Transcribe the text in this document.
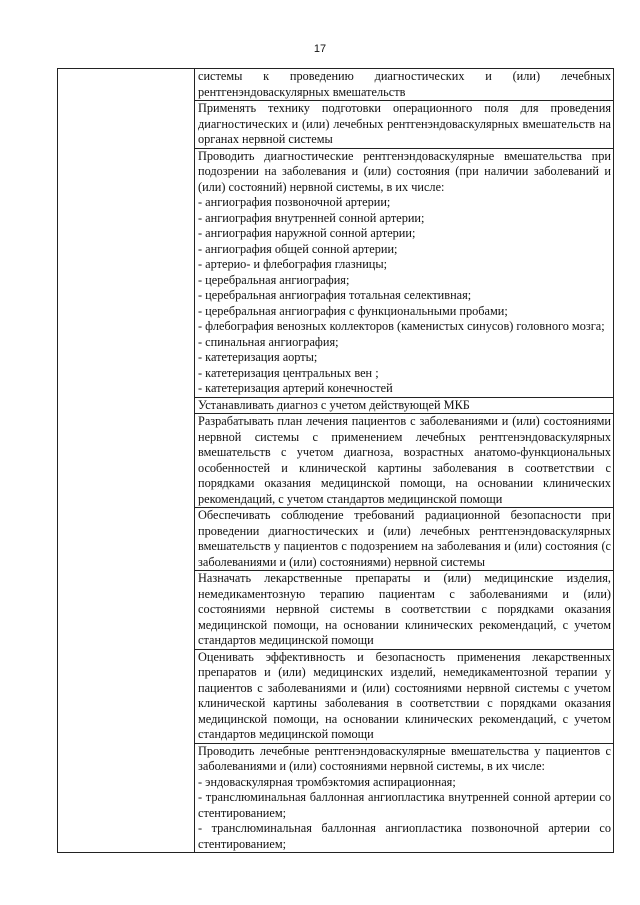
17

системы к проведению диагностических и (или) лечебных рентгенэндоваскулярных вмешательств

Применять технику подготовки операционного поля для проведения диагностических и (или) лечебных рентгенэндоваскулярных вмешательств на органах нервной системы

Проводить диагностические рентгенэндоваскулярные вмешательства при подозрении на заболевания и (или) состояния (при наличии заболеваний и (или) состояний) нервной системы, в их числе:
- ангиография позвоночной артерии;
- ангиография внутренней сонной артерии;
- ангиография наружной сонной артерии;
- ангиография общей сонной артерии;
- артерио- и флебография глазницы;
- церебральная ангиография;
- церебральная ангиография тотальная селективная;
- церебральная ангиография с функциональными пробами;
- флебография венозных коллекторов (каменистых синусов) головного мозга;
- спинальная ангиография;
- катетеризация аорты;
- катетеризация центральных вен ;
- катетеризация артерий конечностей

Устанавливать диагноз с учетом действующей МКБ

Разрабатывать план лечения пациентов с заболеваниями и (или) состояниями нервной системы с применением лечебных рентгенэндоваскулярных вмешательств с учетом диагноза, возрастных анатомо-функциональных особенностей и клинической картины заболевания в соответствии с порядками оказания медицинской помощи, на основании клинических рекомендаций, с учетом стандартов медицинской помощи

Обеспечивать соблюдение требований радиационной безопасности при проведении диагностических и (или) лечебных рентгенэндоваскулярных вмешательств у пациентов с подозрением на заболевания и (или) состояния (с заболеваниями и (или) состояниями) нервной системы

Назначать лекарственные препараты и (или) медицинские изделия, немедикаментозную терапию пациентам с заболеваниями и (или) состояниями нервной системы в соответствии с порядками оказания медицинской помощи, на основании клинических рекомендаций, с учетом стандартов медицинской помощи

Оценивать эффективность и безопасность применения лекарственных препаратов и (или) медицинских изделий, немедикаментозной терапии у пациентов с заболеваниями и (или) состояниями нервной системы с учетом клинической картины заболевания в соответствии с порядками оказания медицинской помощи, на основании клинических рекомендаций, с учетом стандартов медицинской помощи

Проводить лечебные рентгенэндоваскулярные вмешательства у пациентов с заболеваниями и (или) состояниями нервной системы, в их числе:
- эндоваскулярная тромбэктомия аспирационная;
- транслюминальная баллонная ангиопластика внутренней сонной артерии со стентированием;
- транслюминальная баллонная ангиопластика позвоночной артерии со стентированием;
